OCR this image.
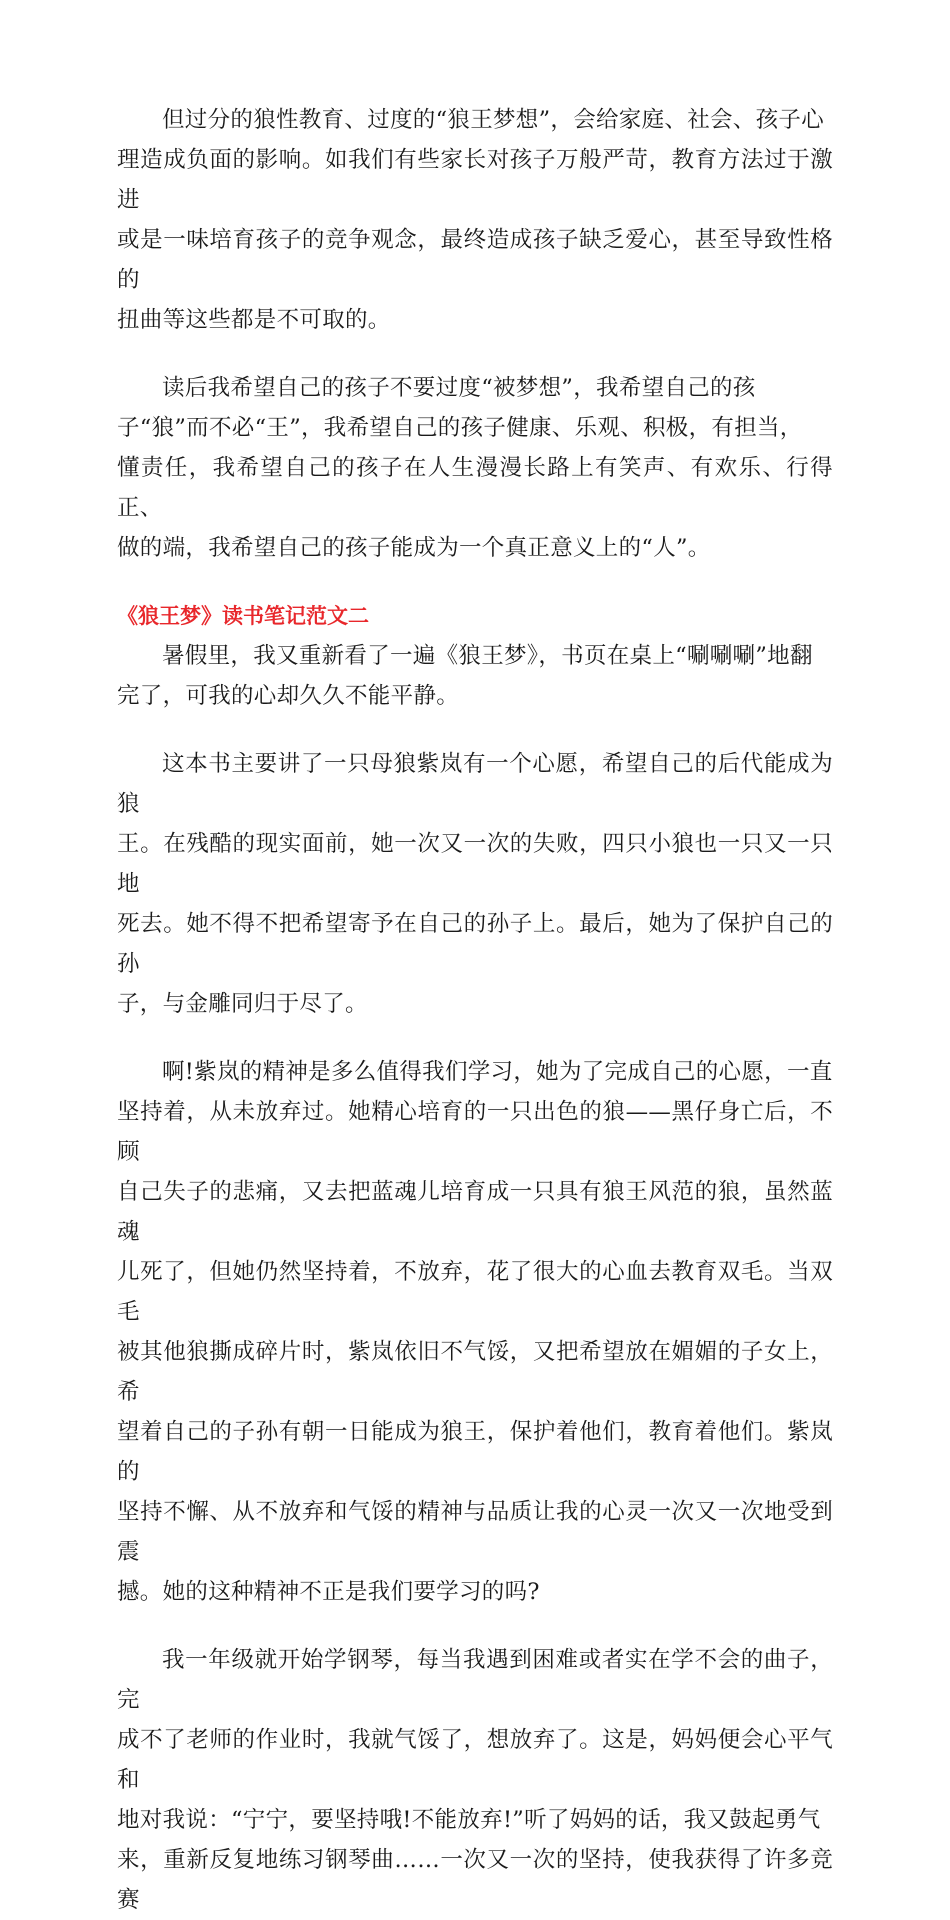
但过分的狼性教育、过度的“狼王梦想”，会给家庭、社会、孩子心
理造成负面的影响。如我们有些家长对孩子万般严苛，教育方法过于激进
或是一味培育孩子的竞争观念，最终造成孩子缺乏爱心，甚至导致性格的
扭曲等这些都是不可取的。

读后我希望自己的孩子不要过度“被梦想”，我希望自己的孩
子“狼”而不必“王”，我希望自己的孩子健康、乐观、积极，有担当，
懂责任，我希望自己的孩子在人生漫漫长路上有笑声、有欢乐、行得正、
做的端，我希望自己的孩子能成为一个真正意义上的“人”。

《狼王梦》读书笔记范文二

暑假里，我又重新看了一遍《狼王梦》，书页在桌上“唰唰唰”地翻
完了，可我的心却久久不能平静。

这本书主要讲了一只母狼紫岚有一个心愿，希望自己的后代能成为狼
王。在残酷的现实面前，她一次又一次的失败，四只小狼也一只又一只地
死去。她不得不把希望寄予在自己的孙子上。最后，她为了保护自己的孙
子，与金雕同归于尽了。

啊!紫岚的精神是多么值得我们学习，她为了完成自己的心愿，一直
坚持着，从未放弃过。她精心培育的一只出色的狼——黑仔身亡后，不顾
自己失子的悲痛，又去把蓝魂儿培育成一只具有狼王风范的狼，虽然蓝魂
儿死了，但她仍然坚持着，不放弃，花了很大的心血去教育双毛。当双毛
被其他狼撕成碎片时，紫岚依旧不气馁，又把希望放在媚媚的子女上，希
望着自己的子孙有朝一日能成为狼王，保护着他们，教育着他们。紫岚的
坚持不懈、从不放弃和气馁的精神与品质让我的心灵一次又一次地受到震
撼。她的这种精神不正是我们要学习的吗?

我一年级就开始学钢琴，每当我遇到困难或者实在学不会的曲子，完
成不了老师的作业时，我就气馁了，想放弃了。这是，妈妈便会心平气和
地对我说：“宁宁，要坚持哦!不能放弃!”听了妈妈的话，我又鼓起勇气
来，重新反复地练习钢琴曲……一次又一次的坚持，使我获得了许多竞赛
